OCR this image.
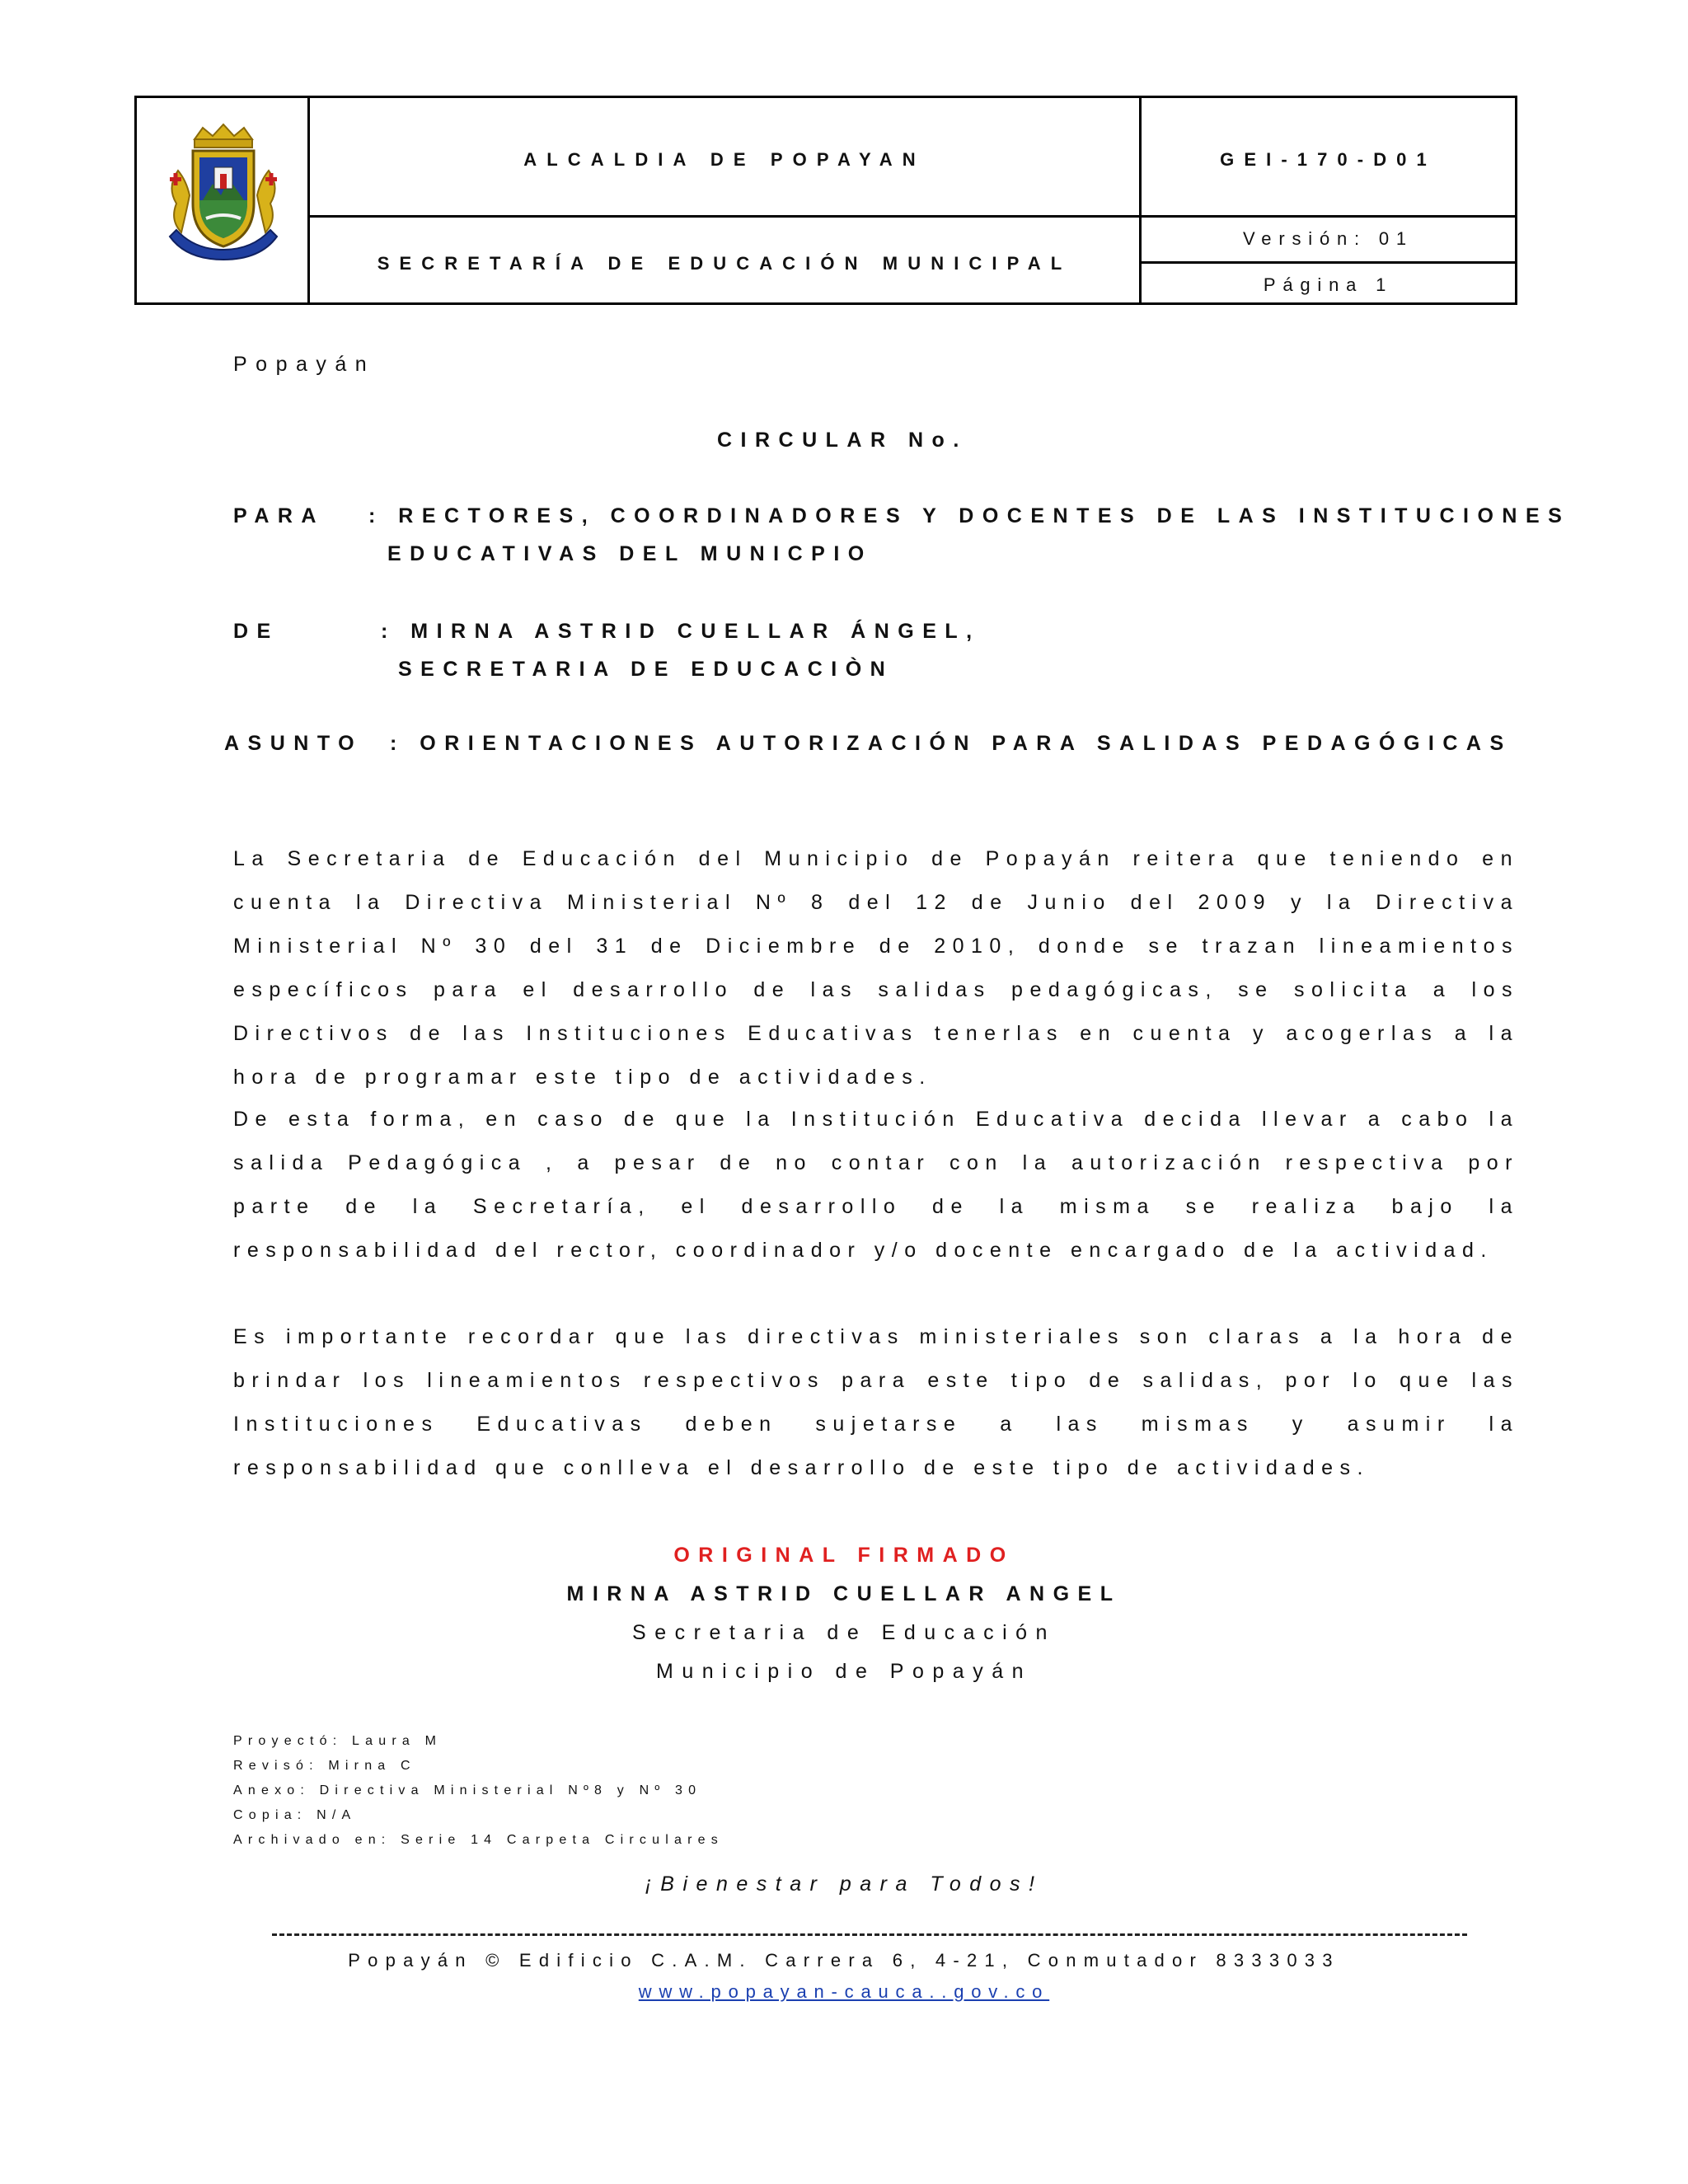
ALCALDIA DE POPAYAN	GEI-170-D01
SECRETARÍA DE EDUCACIÓN MUNICIPAL
Versión: 01
Página 1
Popayán
CIRCULAR No.
PARA : RECTORES, COORDINADORES Y DOCENTES DE LAS INSTITUCIONES
EDUCATIVAS DEL MUNICPIO
DE	: MIRNA ASTRID CUELLAR ÁNGEL,
SECRETARIA DE EDUCACIÒN
ASUNTO : ORIENTACIONES AUTORIZACIÓN PARA SALIDAS PEDAGÓGICAS
La Secretaria de Educación del Municipio de Popayán reitera que teniendo en cuenta la Directiva Ministerial Nº 8 del 12 de Junio del 2009 y la Directiva Ministerial Nº 30 del 31 de Diciembre de 2010, donde se trazan lineamientos específicos para el desarrollo de las salidas pedagógicas, se solicita a los Directivos de las Instituciones Educativas tenerlas en cuenta y acogerlas a la hora de programar este tipo de actividades.
De esta forma, en caso de que la Institución Educativa decida llevar a cabo la salida Pedagógica , a pesar de no contar con la autorización respectiva por parte de la Secretaría, el desarrollo de la misma se realiza bajo la responsabilidad del rector, coordinador y/o docente encargado de la actividad.
Es importante recordar que las directivas ministeriales son claras a la hora de brindar los lineamientos respectivos para este tipo de salidas, por lo que las Instituciones Educativas deben sujetarse a las mismas y asumir la responsabilidad que conlleva el desarrollo de este tipo de actividades.
ORIGINAL FIRMADO
MIRNA ASTRID CUELLAR ANGEL
Secretaria de Educación
Municipio de Popayán
Proyectó: Laura M
Revisó: Mirna C
Anexo: Directiva Ministerial Nº8 y Nº 30
Copia: N/A
Archivado en: Serie 14 Carpeta Circulares
¡Bienestar para Todos!
Popayán © Edificio C.A.M. Carrera 6, 4-21, Conmutador 8333033
www.popayan-cauca..gov.co
